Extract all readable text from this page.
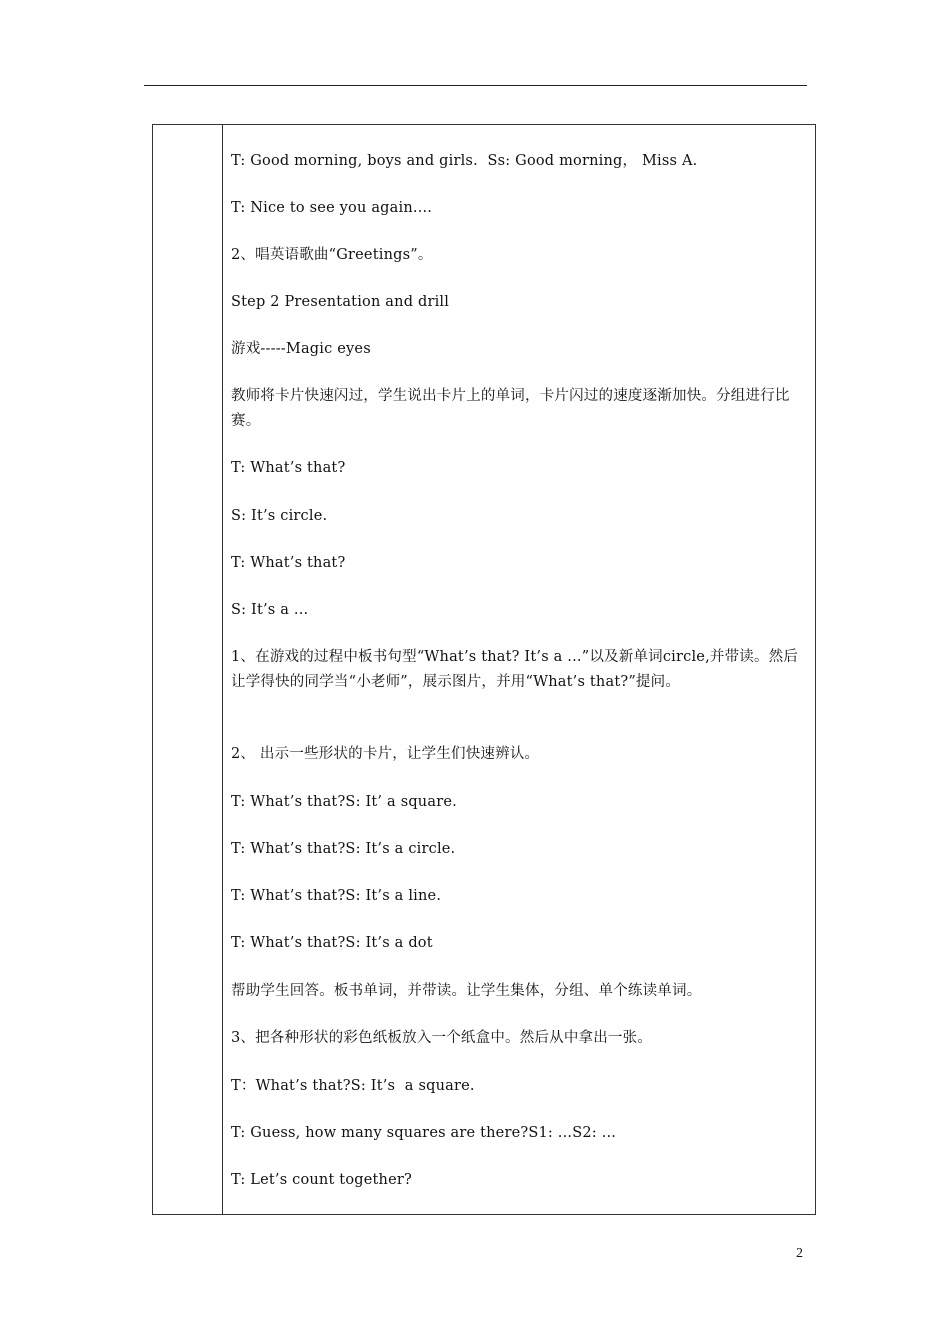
T: Good morning, boys and girls.  Ss: Good morning， Miss A.
T: Nice to see you again....
2、唱英语歌曲“Greetings”。
Step 2 Presentation and drill
游戏-----Magic eyes
教师将卡片快速闪过，学生说出卡片上的单词，卡片闪过的速度逐渐加快。分组进行比赛。
T: What’s that?
S: It’s circle.
T: What’s that?
S: It’s a ...
1、在游戏的过程中板书句型“What’s that? It’s a ...”以及新单词circle,并带读。然后让学得快的同学当“小老师”，展示图片，并用“What’s that?”提问。
2、 出示一些形状的卡片，让学生们快速辨认。
T: What’s that?S: It’ a square.
T: What’s that?S: It’s a circle.
T: What’s that?S: It’s a line.
T: What’s that?S: It’s a dot
帮助学生回答。板书单词，并带读。让学生集体，分组、单个练读单词。
3、把各种形状的彩色纸板放入一个纸盒中。然后从中拿出一张。
T：What’s that?S: It’s  a square.
T: Guess, how many squares are there?S1: ...S2: ...
T: Let’s count together?
2
